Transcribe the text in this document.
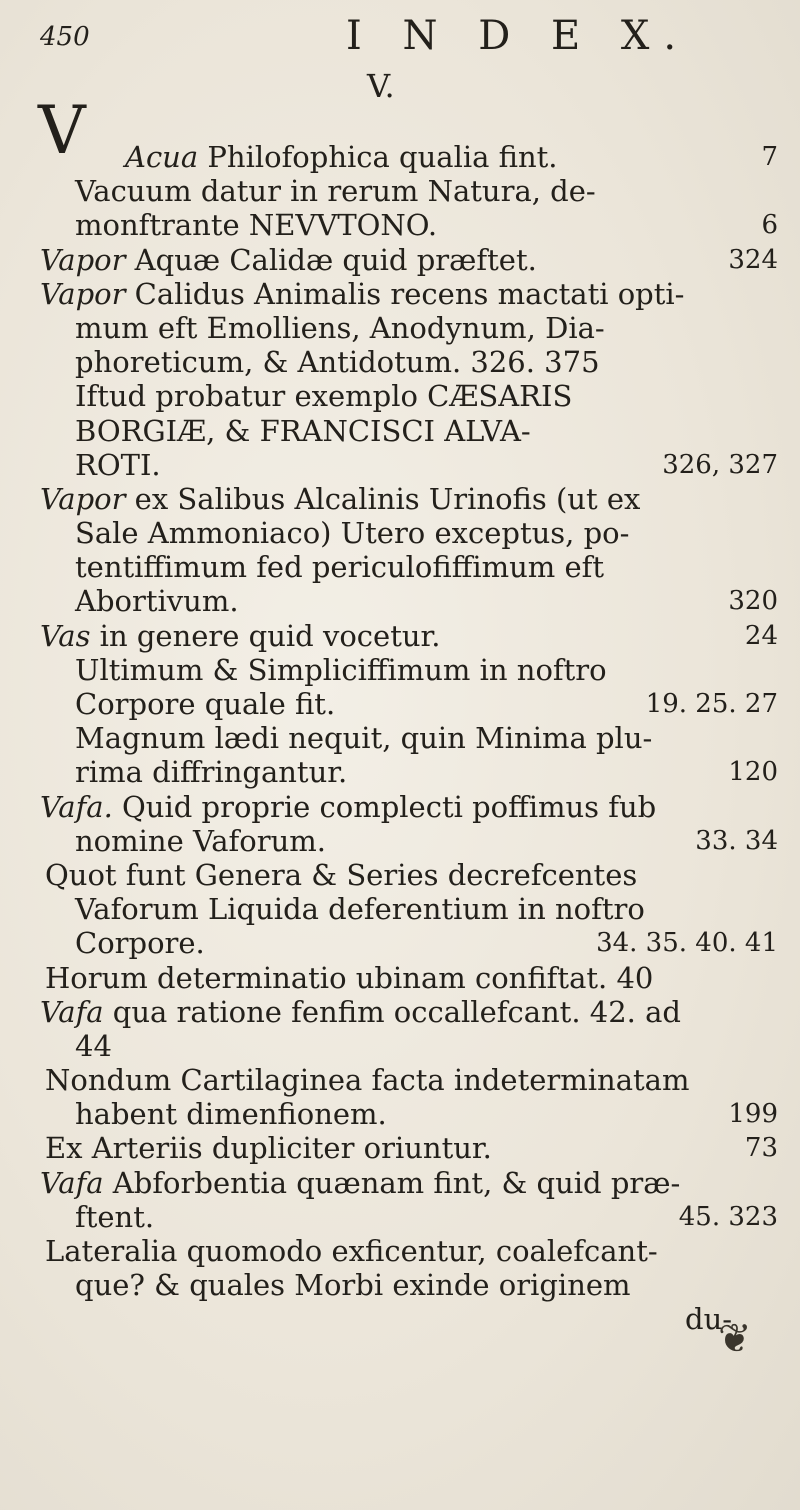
450	I N D E X.
V.
V Acua Philofophica qualia fint.	7
Vacuum datur in rerum Natura, de-
monftrante NEVVTONO.	6
Vapor Aquæ Calidæ quid præftet.	324
Vapor Calidus Animalis recens mactati opti-
mum eft Emolliens, Anodynum, Dia-
phoreticum, & Antidotum. 326. 375
Iftud probatur exemplo CÆSARIS
BORGIÆ, & FRANCISCI ALVA-
ROTI.	326, 327
Vapor ex Salibus Alcalinis Urinofis (ut ex
Sale Ammoniaco) Utero exceptus, po-
tentiffimum fed periculofiffimum eft
Abortivum.	320
Vas in genere quid vocetur.	24
Ultimum & Simpliciffimum in noftro
Corpore quale fit.	19. 25. 27
Magnum lædi nequit, quin Minima plu-
rima diffringantur.	120
Vafa. Quid proprie complecti poffimus fub
nomine Vaforum.	33. 34
Quot funt Genera & Series decrefcentes
Vaforum Liquida deferentium in noftro
Corpore.	34. 35. 40. 41
Horum determinatio ubinam confiftat. 40
Vafa qua ratione fenfim occallefcant. 42. ad
44
Nondum Cartilaginea facta indeterminatam
habent dimenfionem.	199
Ex Arteriis dupliciter oriuntur.	73
Vafa Abforbentia quænam fint, & quid præ-
ftent.	45. 323
Lateralia quomodo exficentur, coalefcant-
que? & quales Morbi exinde originem
du-
❦
